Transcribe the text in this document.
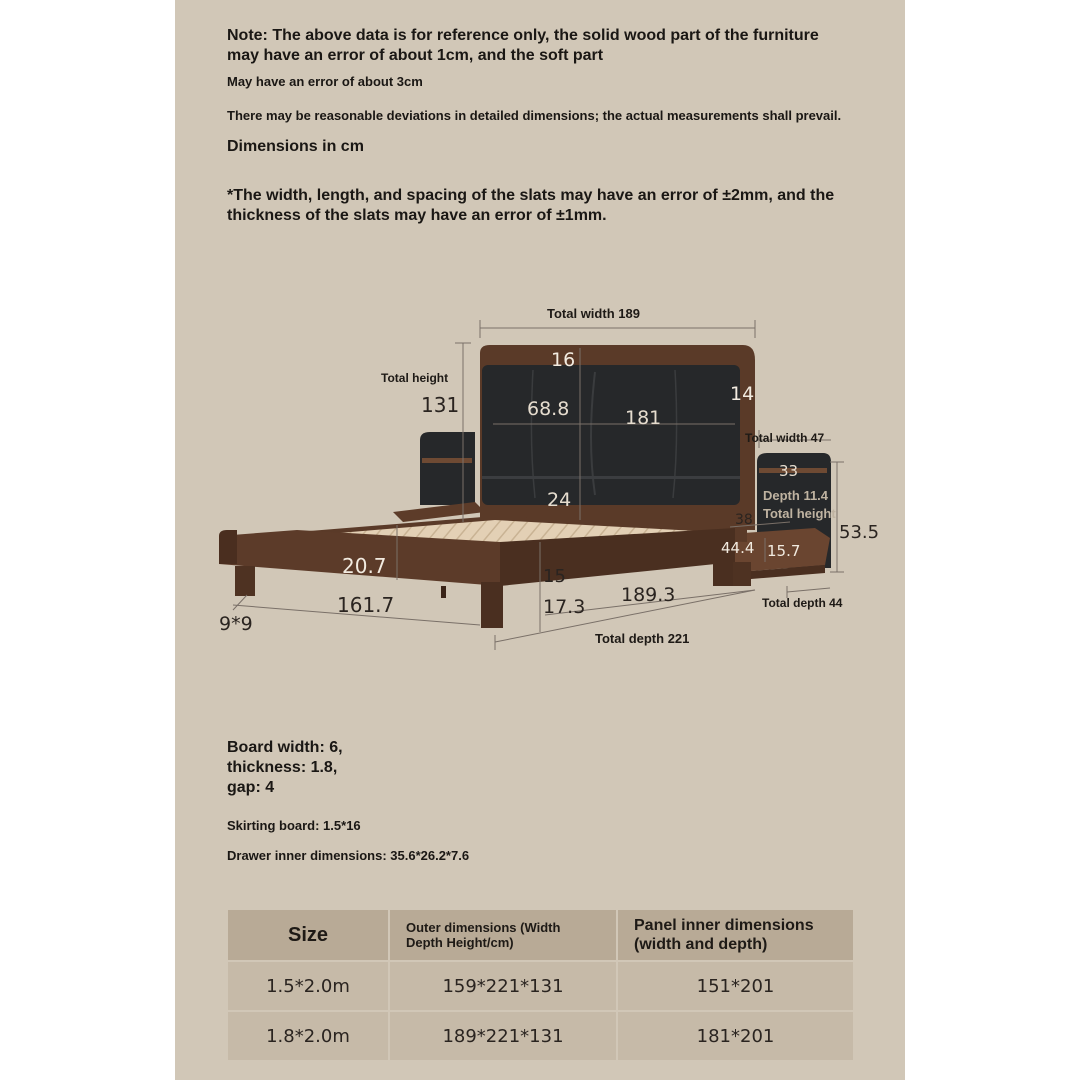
Note: The above data is for reference only, the solid wood part of the furniture may have an error of about 1cm, and the soft part
May have an error of about 3cm
There may be reasonable deviations in detailed dimensions; the actual measurements shall prevail.
Dimensions in cm
*The width, length, and spacing of the slats may have an error of ±2mm, and the thickness of the slats may have an error of ±1mm.
Total width 189
Total height
131
16
14
68.8	181
24
Total width 47
33
Depth 11.4
Total height
53.5
38
44.4 15.7
Total depth 44
20.7
161.7
9*9
15
17.3
189.3
Total depth 221
Board width: 6,
thickness: 1.8,
gap: 4
Skirting board: 1.5*16
Drawer inner dimensions: 35.6*26.2*7.6
Size	Outer dimensions (Width Depth Height/cm)	Panel inner dimensions (width and depth)
1.5*2.0m	159*221*131	151*201
1.8*2.0m	189*221*131	181*201
